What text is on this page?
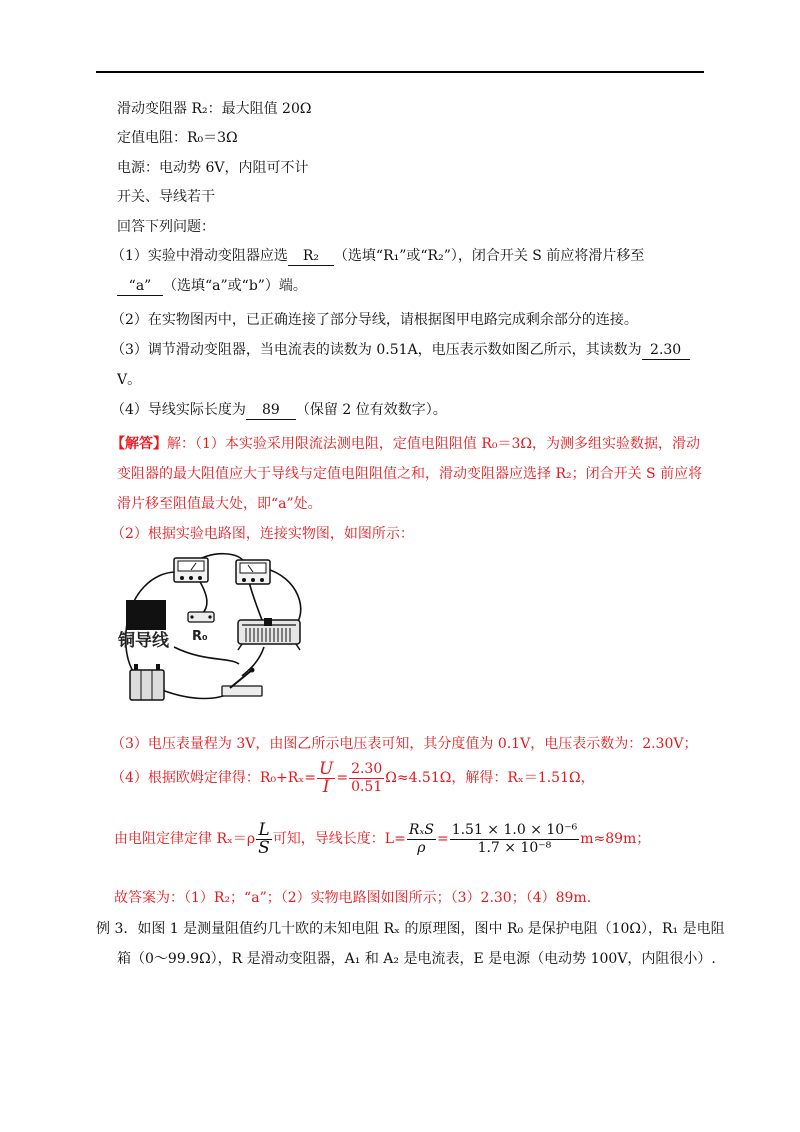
滑动变阻器 R₂：最大阻值 20Ω
定值电阻：R₀＝3Ω
电源：电动势 6V，内阻可不计
开关、导线若干
回答下列问题：
（1）实验中滑动变阻器应选 R₂ （选填“R₁”或“R₂”），闭合开关 S 前应将滑片移至
“a” （选填“a”或“b”）端。
（2）在实物图丙中，已正确连接了部分导线，请根据图甲电路完成剩余部分的连接。
（3）调节滑动变阻器，当电流表的读数为 0.51A，电压表示数如图乙所示，其读数为 2.30
V。
（4）导线实际长度为 89 （保留 2 位有效数字）。
【解答】解：（1）本实验采用限流法测电阻，定值电阻阻值 R₀＝3Ω，为测多组实验数据，滑动
变阻器的最大阻值应大于导线与定值电阻阻值之和，滑动变阻器应选择 R₂；闭合开关 S 前应将
滑片移至阻值最大处，即“a”处。
（2）根据实验电路图，连接实物图，如图所示：
铜导线 R₀
（3）电压表量程为 3V，由图乙所示电压表可知，其分度值为 0.1V，电压表示数为：2.30V；
（4）根据欧姆定律得：$R_0+R_x= \frac{U}{I} = \frac{2.30}{0.51} \Omega\approx 4.51\Omega$，解得：Rₓ＝1.51Ω，
由电阻定律定律 $R_x=\rho \frac{L}{S}$ 可知，导线长度：$L= \frac{\text{RₓS}}{\rho} = \frac{\text{1.51 × 1.0 × 10⁻⁶}}{\text{1.7 × 10⁻⁸}} m\approx 89m$；
故答案为：（1）R₂；“a”；（2）实物电路图如图所示；（3）2.30；（4）89m.
例 3．如图 1 是测量阻值约几十欧的未知电阻 Rₓ 的原理图，图中 R₀ 是保护电阻（10Ω），R₁ 是电阻
箱（0～99.9Ω），R 是滑动变阻器，A₁ 和 A₂ 是电流表，E 是电源（电动势 100V，内阻很小）.
